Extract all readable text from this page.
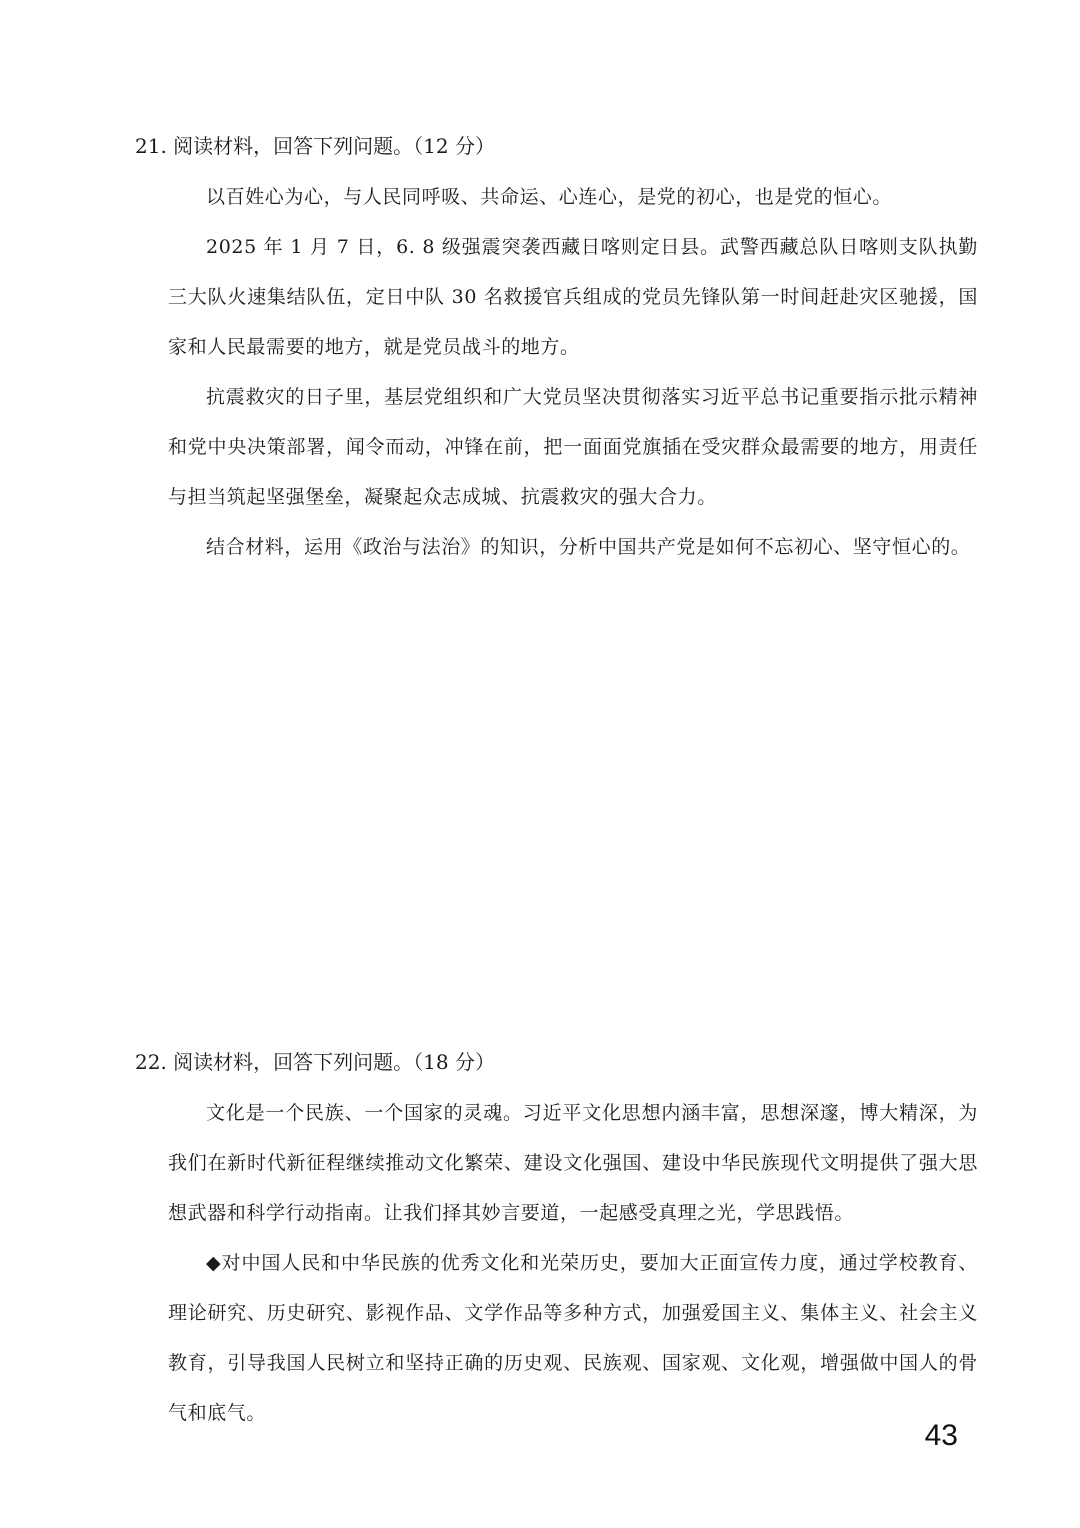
21. 阅读材料，回答下列问题。（12 分）

以百姓心为心，与人民同呼吸、共命运、心连心，是党的初心，也是党的恒心。

2025 年 1 月 7 日，6. 8 级强震突袭西藏日喀则定日县。武警西藏总队日喀则支队执勤三大队火速集结队伍，定日中队 30 名救援官兵组成的党员先锋队第一时间赶赴灾区驰援，国家和人民最需要的地方，就是党员战斗的地方。

抗震救灾的日子里，基层党组织和广大党员坚决贯彻落实习近平总书记重要指示批示精神和党中央决策部署，闻令而动，冲锋在前，把一面面党旗插在受灾群众最需要的地方，用责任与担当筑起坚强堡垒，凝聚起众志成城、抗震救灾的强大合力。

结合材料，运用《政治与法治》的知识，分析中国共产党是如何不忘初心、坚守恒心的。

22. 阅读材料，回答下列问题。（18 分）

文化是一个民族、一个国家的灵魂。习近平文化思想内涵丰富，思想深邃，博大精深，为我们在新时代新征程继续推动文化繁荣、建设文化强国、建设中华民族现代文明提供了强大思想武器和科学行动指南。让我们择其妙言要道，一起感受真理之光，学思践悟。

◆对中国人民和中华民族的优秀文化和光荣历史，要加大正面宣传力度，通过学校教育、理论研究、历史研究、影视作品、文学作品等多种方式，加强爱国主义、集体主义、社会主义教育，引导我国人民树立和坚持正确的历史观、民族观、国家观、文化观，增强做中国人的骨气和底气。

43
